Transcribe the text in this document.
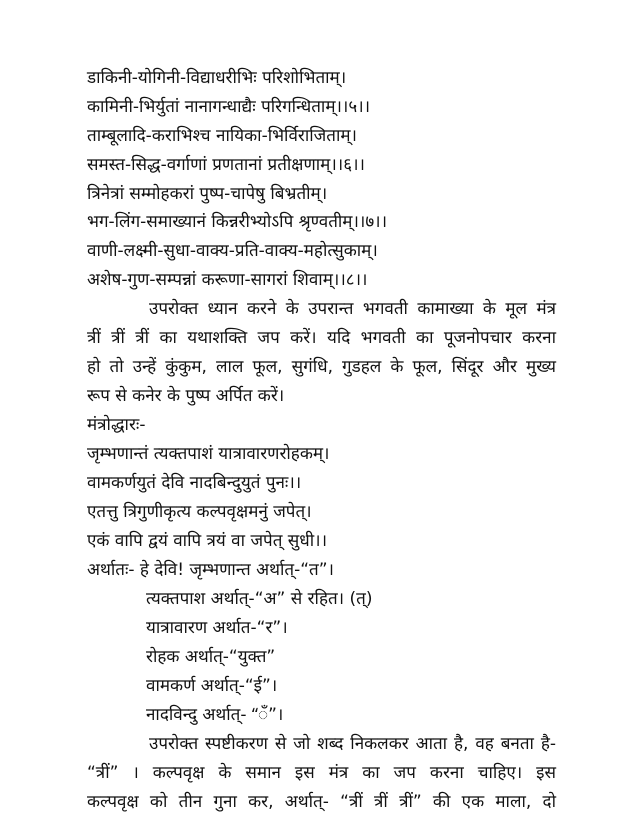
डाकिनी-योगिनी-विद्याधरीभिः परिशोभिताम्।
कामिनी-भिर्युतां नानागन्धाद्यैः परिगन्धिताम्।।५।।
ताम्बूलादि-कराभिश्च नायिका-भिर्विराजिताम्।
समस्त-सिद्ध-वर्गाणां प्रणतानां प्रतीक्षणाम्।।६।।
त्रिनेत्रां सम्मोहकरां पुष्प-चापेषु बिभ्रतीम्।
भग-लिंग-समाख्यानं किन्नरीभ्योऽपि श्रृण्वतीम्।।७।।
वाणी-लक्ष्मी-सुधा-वाक्य-प्रति-वाक्य-महोत्सुकाम्।
अशेष-गुण-सम्पन्नां करूणा-सागरां शिवाम्।।८।।
उपरोक्त ध्यान करने के उपरान्त भगवती कामाख्या के मूल मंत्र
त्रीं त्रीं त्रीं का यथाशक्ति जप करें। यदि भगवती का पूजनोपचार करना
हो तो उन्हें कुंकुम, लाल फूल, सुगंधि, गुडहल के फूल, सिंदूर और मुख्य
रूप से कनेर के पुष्प अर्पित करें।
मंत्रोद्धारः-
जृम्भणान्तं त्यक्तपाशं यात्रावारणरोहकम्।
वामकर्णयुतं देवि नादबिन्दुयुतं पुनः।।
एतत्तु त्रिगुणीकृत्य कल्पवृक्षमनुं जपेत्।
एकं वापि द्वयं वापि त्रयं वा जपेत् सुधी।।
अर्थातः- हे देवि! जृम्भणान्त अर्थात्-“त”।
त्यक्तपाश अर्थात्-“अ” से रहित। (त्)
यात्रावारण अर्थात-“र”।
रोहक अर्थात्-“युक्त”
वामकर्ण अर्थात्-“ई”।
नादविन्दु अर्थात्- “ँ”।
उपरोक्त स्पष्टीकरण से जो शब्द निकलकर आता है, वह बनता है-
“त्रीं” । कल्पवृक्ष के समान इस मंत्र का जप करना चाहिए। इस
कल्पवृक्ष को तीन गुना कर, अर्थात्- “त्रीं त्रीं त्रीं” की एक माला, दो
